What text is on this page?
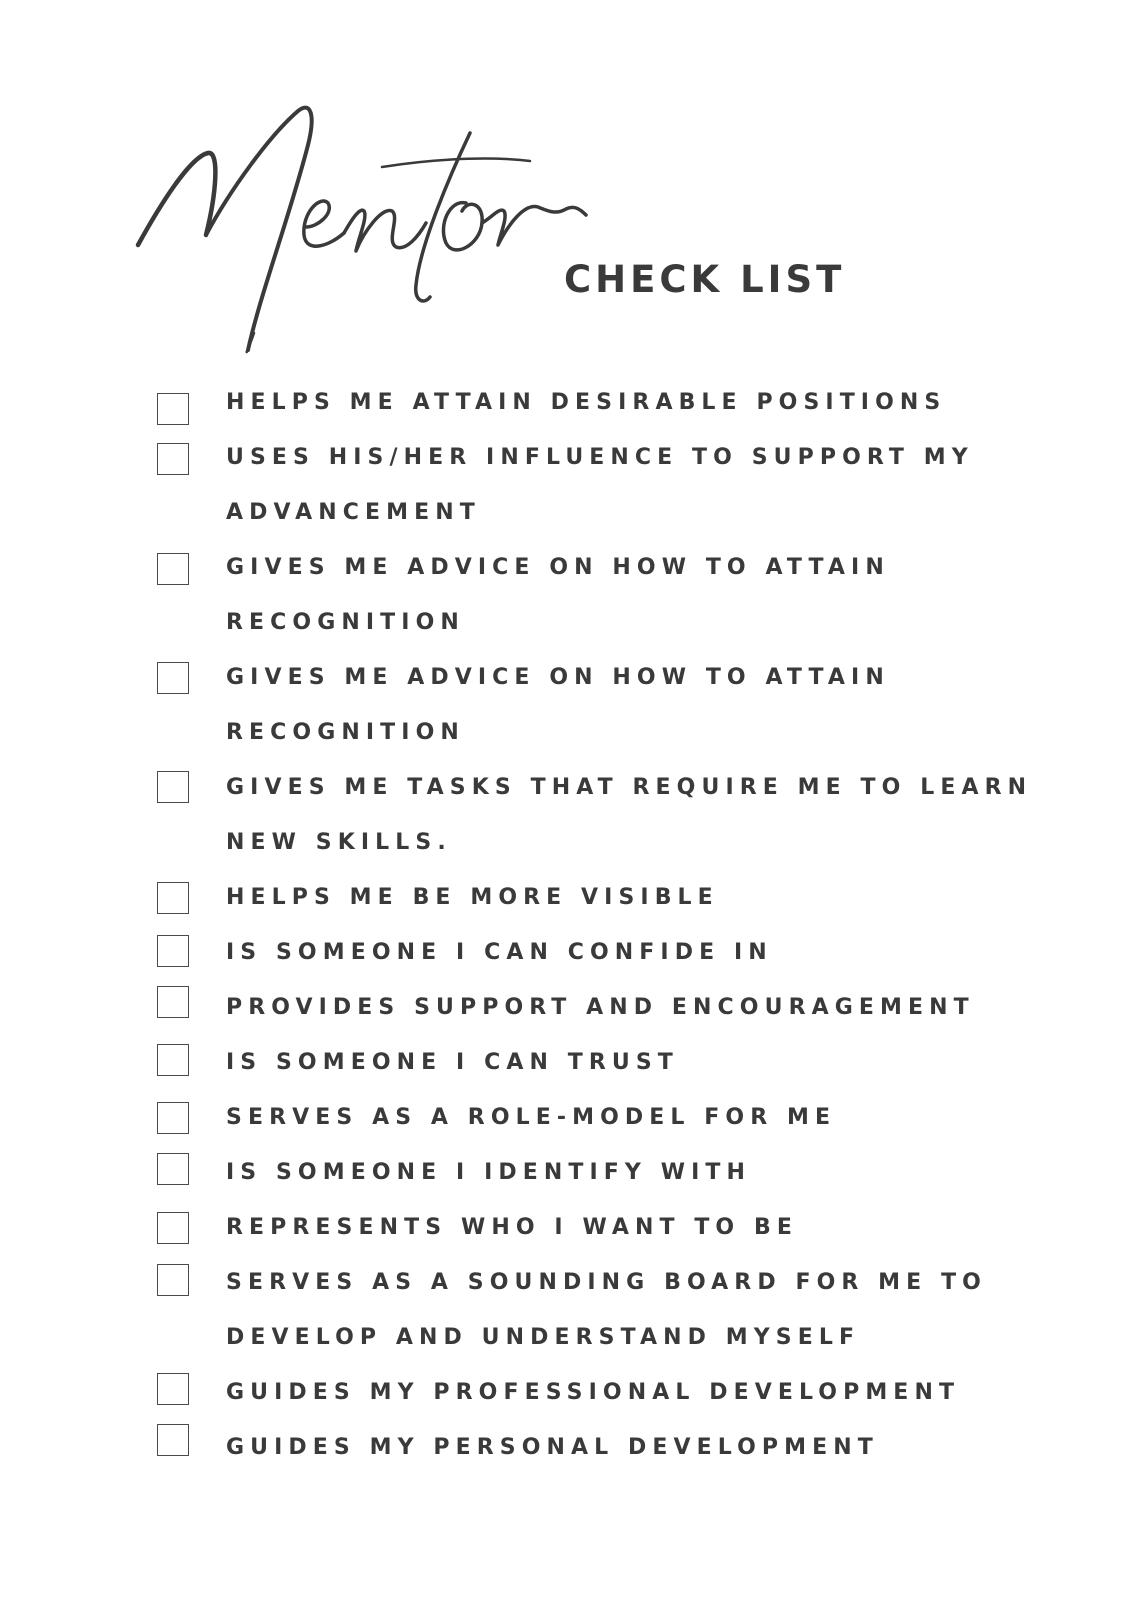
CHECK LIST
HELPS ME ATTAIN DESIRABLE POSITIONS
USES HIS/HER INFLUENCE TO SUPPORT MY
ADVANCEMENT
GIVES ME ADVICE ON HOW TO ATTAIN
RECOGNITION
GIVES ME ADVICE ON HOW TO ATTAIN
RECOGNITION
GIVES ME TASKS THAT REQUIRE ME TO LEARN
NEW SKILLS.
HELPS ME BE MORE VISIBLE
IS SOMEONE I CAN CONFIDE IN
PROVIDES SUPPORT AND ENCOURAGEMENT
IS SOMEONE I CAN TRUST
SERVES AS A ROLE-MODEL FOR ME
IS SOMEONE I IDENTIFY WITH
REPRESENTS WHO I WANT TO BE
SERVES AS A SOUNDING BOARD FOR ME TO
DEVELOP AND UNDERSTAND MYSELF
GUIDES MY PROFESSIONAL DEVELOPMENT
GUIDES MY PERSONAL DEVELOPMENT
